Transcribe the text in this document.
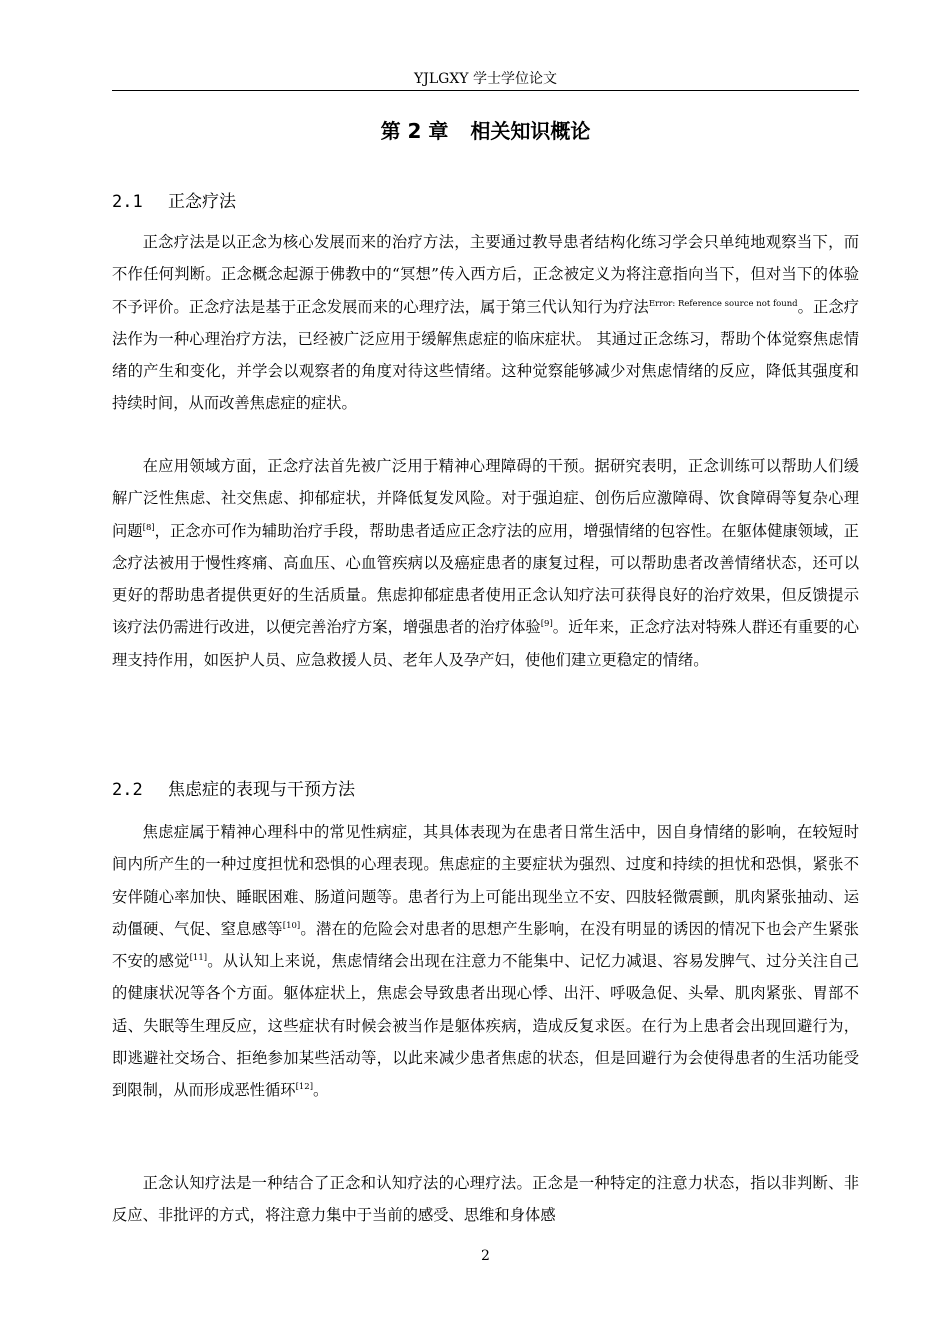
YJLGXY 学士学位论文
第 2 章 相关知识概论
2.1 正念疗法

正念疗法是以正念为核心发展而来的治疗方法，主要通过教导患者结构化练习学会只单纯地观察当下，而不作任何判断。正念概念起源于佛教中的“冥想”传入西方后，正念被定义为将注意指向当下，但对当下的体验不予评价。正念疗法是基于正念发展而来的心理疗法，属于第三代认知行为疗法$^{Error: Reference source not found}$。正念疗法作为一种心理治疗方法，已经被广泛应用于缓解焦虑症的临床症状。 其通过正念练习，帮助个体觉察焦虑情绪的产生和变化，并学会以观察者的角度对待这些情绪。这种觉察能够减少对焦虑情绪的反应，降低其强度和持续时间，从而改善焦虑症的症状。

在应用领域方面，正念疗法首先被广泛用于精神心理障碍的干预。据研究表明，正念训练可以帮助人们缓解广泛性焦虑、社交焦虑、抑郁症状，并降低复发风险。对于强迫症、创伤后应激障碍、饮食障碍等复杂心理问题[8]，正念亦可作为辅助治疗手段，帮助患者适应正念疗法的应用，增强情绪的包容性。在躯体健康领域，正念疗法被用于慢性疼痛、高血压、心血管疾病以及癌症患者的康复过程，可以帮助患者改善情绪状态，还可以更好的帮助患者提供更好的生活质量。焦虑抑郁症患者使用正念认知疗法可获得良好的治疗效果，但反馈提示该疗法仍需进行改进，以便完善治疗方案，增强患者的治疗体验[9]。近年来，正念疗法对特殊人群还有重要的心理支持作用，如医护人员、应急救援人员、老年人及孕产妇，使他们建立更稳定的情绪。

2.2 焦虑症的表现与干预方法

焦虑症属于精神心理科中的常见性病症，其具体表现为在患者日常生活中，因自身情绪的影响，在较短时间内所产生的一种过度担忧和恐惧的心理表现。焦虑症的主要症状为强烈、过度和持续的担忧和恐惧，紧张不安伴随心率加快、睡眠困难、肠道问题等。患者行为上可能出现坐立不安、四肢轻微震颤，肌肉紧张抽动、运动僵硬、气促、窒息感等[10]。潜在的危险会对患者的思想产生影响，在没有明显的诱因的情况下也会产生紧张不安的感觉[11]。从认知上来说，焦虑情绪会出现在注意力不能集中、记忆力减退、容易发脾气、过分关注自己的健康状况等各个方面。躯体症状上，焦虑会导致患者出现心悸、出汗、呼吸急促、头晕、肌肉紧张、胃部不适、失眠等生理反应，这些症状有时候会被当作是躯体疾病，造成反复求医。在行为上患者会出现回避行为，即逃避社交场合、拒绝参加某些活动等，以此来减少患者焦虑的状态，但是回避行为会使得患者的生活功能受到限制，从而形成恶性循环[12]。

正念认知疗法是一种结合了正念和认知疗法的心理疗法。正念是一种特定的注意力状态，指以非判断、非反应、非批评的方式，将注意力集中于当前的感受、思维和身体感

2
